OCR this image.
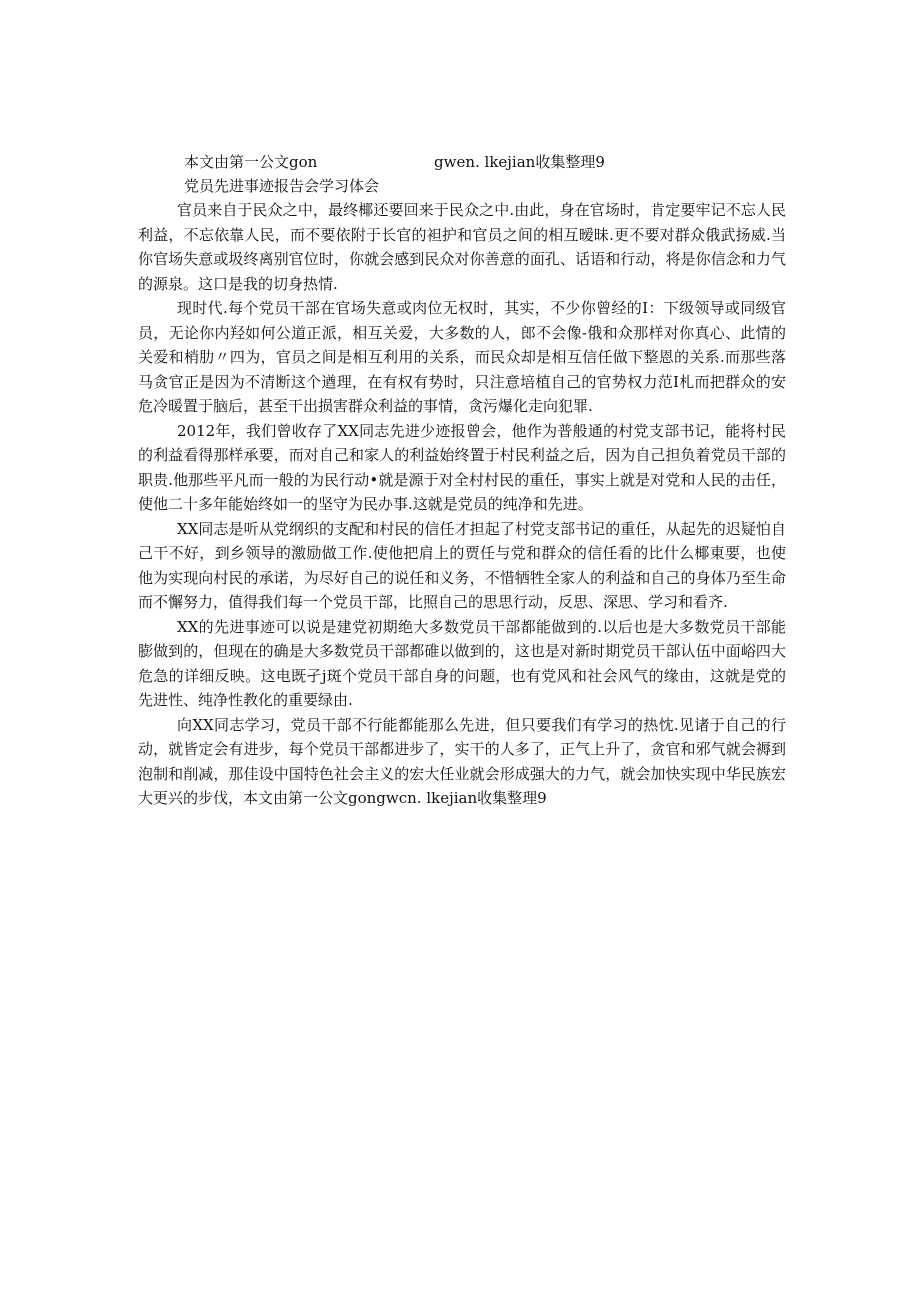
本文由第一公文gon	gwen. lkejian收集整理9
党员先进事迹报告会学习体会

官员来自于民众之中，最终椰还要回来于民众之中.由此，身在官场时，肯定要牢记不忘人民利益，不忘依靠人民，而不要依附于长官的袒护和官员之间的相互暧昧.更不要对群众俄武扬威.当你官场失意或圾终离别官位时，你就会感到民众对你善意的面孔、话语和行动，将是你信念和力气的源泉。这口是我的切身热情.

现时代.每个党员干部在官场失意或肉位无权时，其实，不少你曾经的I：下级领导或同级官员，无论你内羟如何公道正派，相互关爱，大多数的人，郎不会像-俄和众那样对你真心、此情的关爱和梢肋〃四为，官员之间是相互利用的关系，而民众却是相互信任做下整恩的关系.而那些落马贪官正是因为不清断这个遒理，在有权有势时，只注意培植自己的官势权力范I札而把群众的安危冷暖置于脑后，甚至干出损害群众利益的事情，贪污爆化走向犯罪.

2012年，我们曾收存了XX同志先进少迹报曾会，他作为普般通的村党支部书记，能将村民的利益看得那样承要，而对自己和家人的利益始终置于村民利益之后，因为自己担负着党员干部的职贵.他那些平凡而一般的为民行动•就是源于对全村村民的重任，事实上就是对党和人民的击任，使他二十多年能始终如一的坚守为民办事.这就是党员的纯净和先进。

XX同志是听从党纲织的支配和村民的信任才担起了村党支部书记的重任，从起先的迟疑怕自己干不好，到乡领导的激励做工作.使他把肩上的贾任与党和群众的信任看的比什么椰東要，也使他为实现向村民的承诺，为尽好自己的说任和义务，不惜牺牲全家人的利益和自己的身体乃至生命而不懈努力，值得我们每一个党员干部，比照自己的思思行动，反思、深思、学习和看齐.

XX的先进事迹可以说是建党初期绝大多数党员干部都能做到的.以后也是大多数党员干部能膨做到的，但现在的确是大多数党员干部都碓以做到的，这也是对新时期党员干部认伍中面峪四大危急的详细反映。这电既孑j斑个党员干部自身的问题，也有党风和社会风气的缘由，这就是党的先进性、纯净性教化的重要绿由.

向XX同志学习，党员干部不行能都能那么先进，但只要我们有学习的热忱.见诸于自己的行动，就皆定会有进步，每个党员干部都进步了，实干的人多了，正气上升了，贪官和邪气就会褥到泡制和削减，那佳设中国特色社会主义的宏大任业就会形成强大的力气，就会加快实现中华民族宏大更兴的步伐，本文由第一公文gongwcn. lkejian收集整理9
